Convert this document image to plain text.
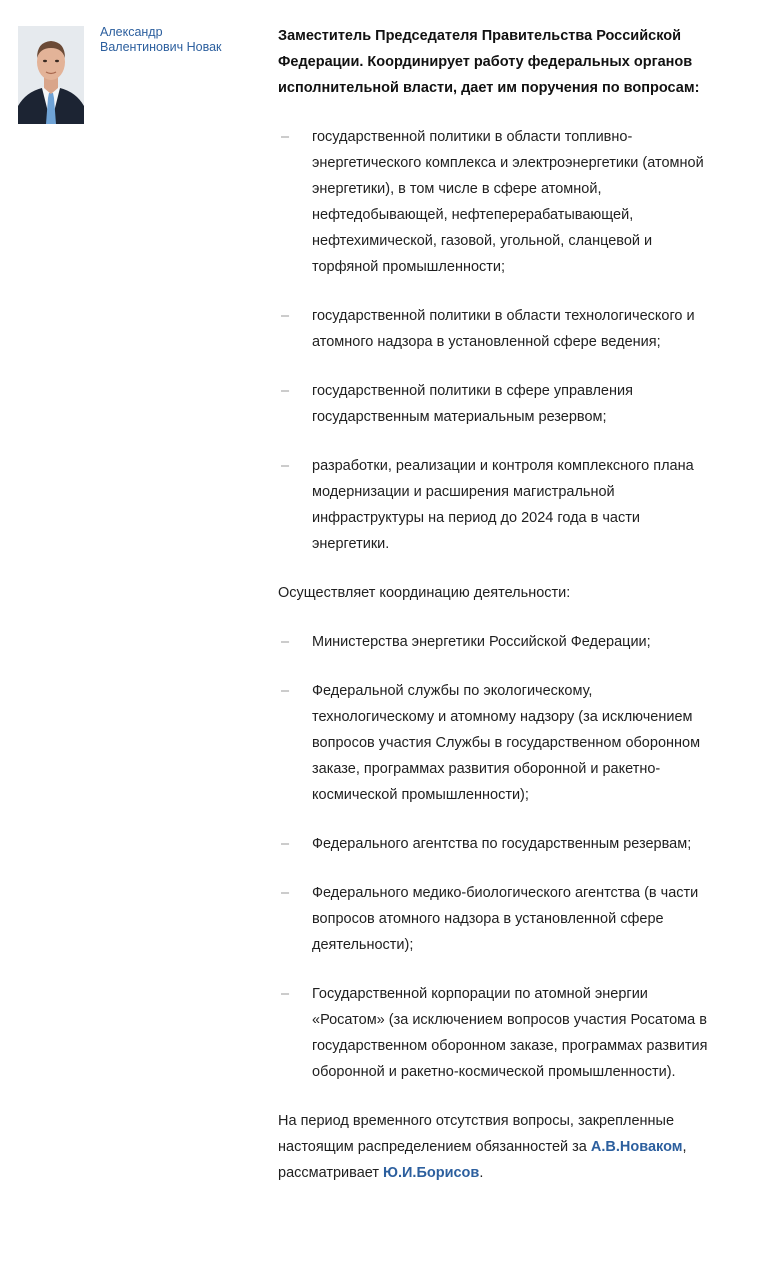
Александр
Валентинович Новак

Заместитель Председателя Правительства Российской Федерации. Координирует работу федеральных органов исполнительной власти, дает им поручения по вопросам:

– государственной политики в области топливно-энергетического комплекса и электроэнергетики (атомной энергетики), в том числе в сфере атомной, нефтедобывающей, нефтеперерабатывающей, нефтехимической, газовой, угольной, сланцевой и торфяной промышленности;
– государственной политики в области технологического и атомного надзора в установленной сфере ведения;
– государственной политики в сфере управления государственным материальным резервом;
– разработки, реализации и контроля комплексного плана модернизации и расширения магистральной инфраструктуры на период до 2024 года в части энергетики.

Осуществляет координацию деятельности:

– Министерства энергетики Российской Федерации;
– Федеральной службы по экологическому, технологическому и атомному надзору (за исключением вопросов участия Службы в государственном оборонном заказе, программах развития оборонной и ракетно-космической промышленности);
– Федерального агентства по государственным резервам;
– Федерального медико-биологического агентства (в части вопросов атомного надзора в установленной сфере деятельности);
– Государственной корпорации по атомной энергии «Росатом» (за исключением вопросов участия Росатома в государственном оборонном заказе, программах развития оборонной и ракетно-космической промышленности).

На период временного отсутствия вопросы, закрепленные настоящим распределением обязанностей за А.В.Новаком, рассматривает Ю.И.Борисов.
